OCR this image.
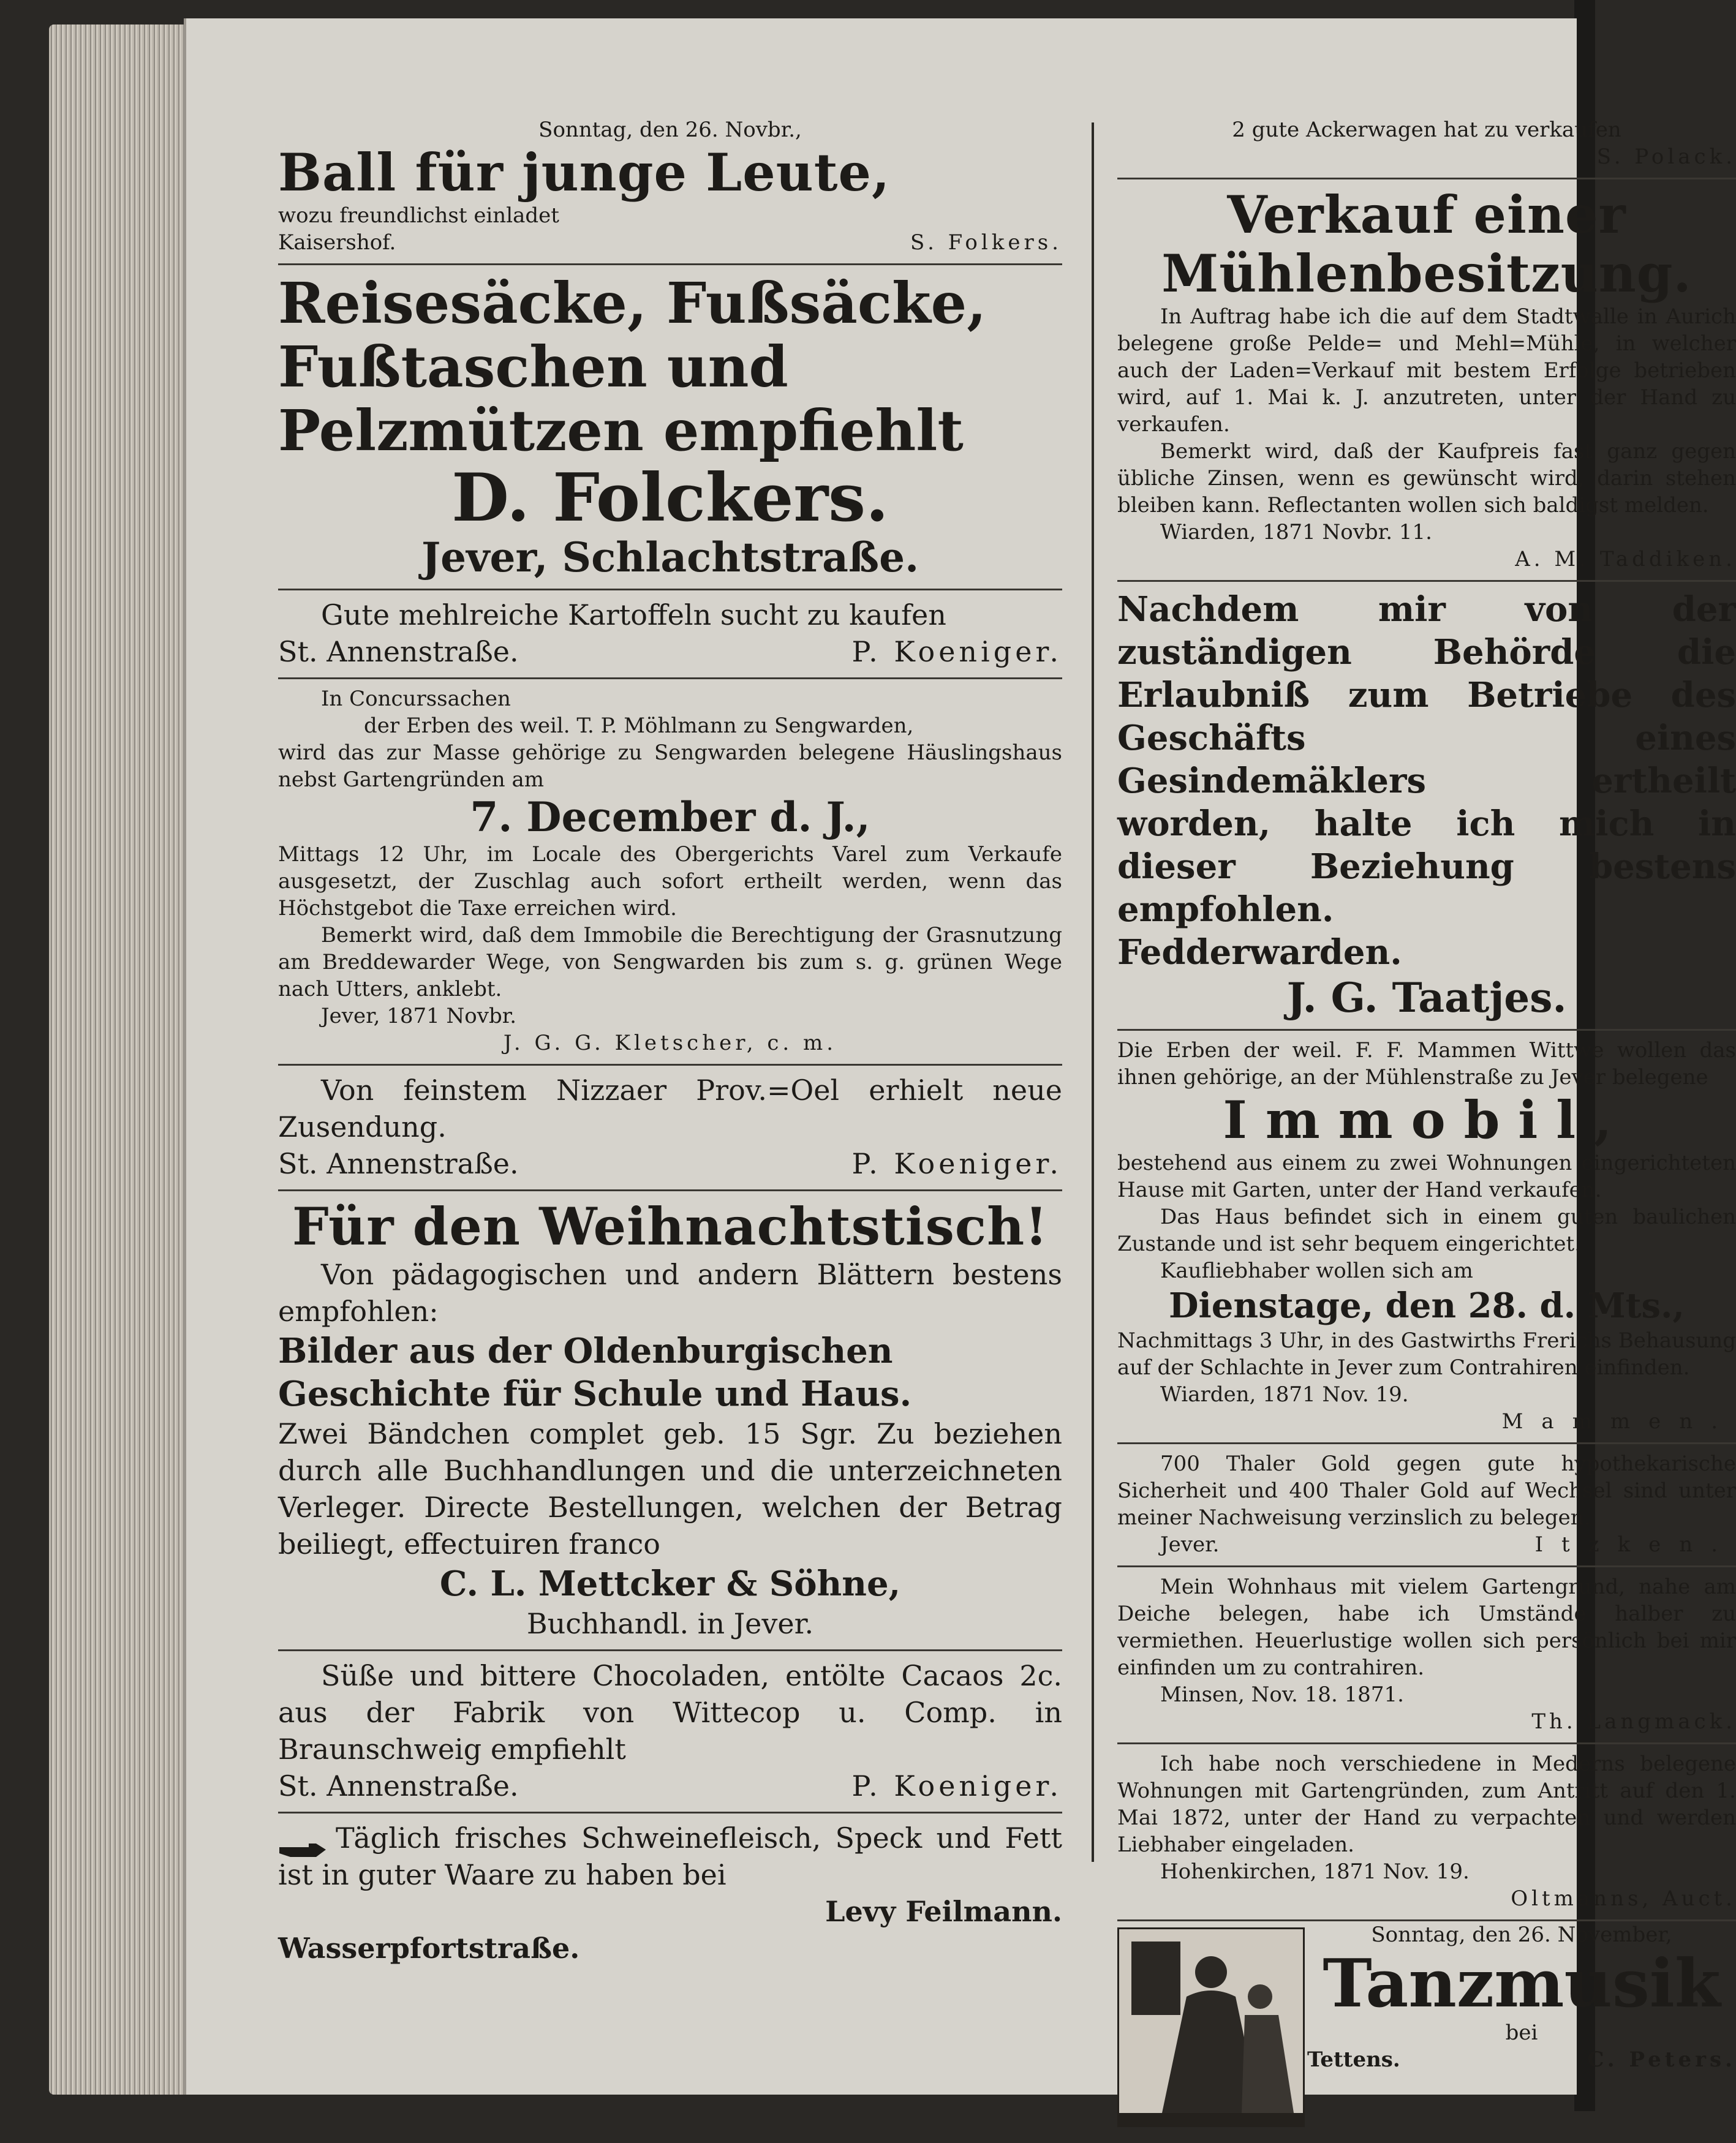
Sonntag, den 26. Novbr.,
Ball für junge Leute,
wozu freundlichst einladet
Kaisershof.	S. Folkers.
Reisesäcke, Fußsäcke, Fußtaschen und Pelzmützen empfiehlt
D. Folckers.
Jever, Schlachtstraße.
Gute mehlreiche Kartoffeln sucht zu kaufen
St. Annenstraße.	P. Koeniger.
In Concurssachen
der Erben des weil. T. P. Möhlmann zu Sengwarden,
wird das zur Masse gehörige zu Sengwarden belegene Häuslingshaus nebst Gartengründen am
7. December d. J.,
Mittags 12 Uhr, im Locale des Obergerichts Varel zum Verkaufe ausgesetzt, der Zuschlag auch sofort ertheilt werden, wenn das Höchstgebot die Taxe erreichen wird.
Bemerkt wird, daß dem Immobile die Berechtigung der Grasnutzung am Breddewarder Wege, von Sengwarden bis zum s. g. grünen Wege nach Utters, anklebt.
Jever, 1871 Novbr.
J. G. G. Kletscher, c. m.
Von feinstem Nizzaer Prov.=Oel erhielt neue Zusendung.
St. Annenstraße.	P. Koeniger.
Für den Weihnachtstisch!
Von pädagogischen und andern Blättern bestens empfohlen:
Bilder aus der Oldenburgischen Geschichte für Schule und Haus.
Zwei Bändchen complet geb. 15 Sgr. Zu beziehen durch alle Buchhandlungen und die unterzeichneten Verleger. Directe Bestellungen, welchen der Betrag beiliegt, effectuiren franco
C. L. Mettcker & Söhne,
Buchhandl. in Jever.
Süße und bittere Chocoladen, entölte Cacaos 2c. aus der Fabrik von Wittecop u. Comp. in Braunschweig empfiehlt
St. Annenstraße.	P. Koeniger.
Täglich frisches Schweinefleisch, Speck und Fett ist in guter Waare zu haben bei
Levy Feilmann.
Wasserpfortstraße.
2 gute Ackerwagen hat zu verkaufen
S. Polack.
Verkauf einer Mühlenbesitzung.
In Auftrag habe ich die auf dem Stadtwalle in Aurich belegene große Pelde= und Mehl=Mühle, in welcher auch der Laden=Verkauf mit bestem Erfolge betrieben wird, auf 1. Mai k. J. anzutreten, unter der Hand zu verkaufen.
Bemerkt wird, daß der Kaufpreis fast ganz gegen übliche Zinsen, wenn es gewünscht wird, darin stehen bleiben kann. Reflectanten wollen sich baldigst melden.
Wiarden, 1871 Novbr. 11.
A. M. Taddiken.
Nachdem mir von der zuständigen Behörde die Erlaubniß zum Betriebe des Geschäfts eines Gesindemäklers ertheilt worden, halte ich mich in dieser Beziehung bestens empfohlen.
Fedderwarden.
J. G. Taatjes.
Die Erben der weil. F. F. Mammen Wittwe wollen das ihnen gehörige, an der Mühlenstraße zu Jever belegene
Immobil,
bestehend aus einem zu zwei Wohnungen eingerichteten Hause mit Garten, unter der Hand verkaufen.
Das Haus befindet sich in einem guten baulichen Zustande und ist sehr bequem eingerichtet.
Kaufliebhaber wollen sich am
Dienstage, den 28. d. Mts.,
Nachmittags 3 Uhr, in des Gastwirths Frerichs Behausung auf der Schlachte in Jever zum Contrahiren einfinden.
Wiarden, 1871 Nov. 19.
Mammen.
700 Thaler Gold gegen gute hypothekarische Sicherheit und 400 Thaler Gold auf Wechsel sind unter meiner Nachweisung verzinslich zu belegen.
Jever.	Itzken.
Mein Wohnhaus mit vielem Gartengrund, nahe am Deiche belegen, habe ich Umstände halber zu vermiethen. Heuerlustige wollen sich persönlich bei mir einfinden um zu contrahiren.
Minsen, Nov. 18. 1871.
Th. Langmack.
Ich habe noch verschiedene in Mederns belegene Wohnungen mit Gartengründen, zum Antritt auf den 1. Mai 1872, unter der Hand zu verpachten und werden Liebhaber eingeladen.
Hohenkirchen, 1871 Nov. 19.
Oltmanns, Auct.
Sonntag, den 26. November,
Tanzmusik
bei
Tettens.	C. Peters.
